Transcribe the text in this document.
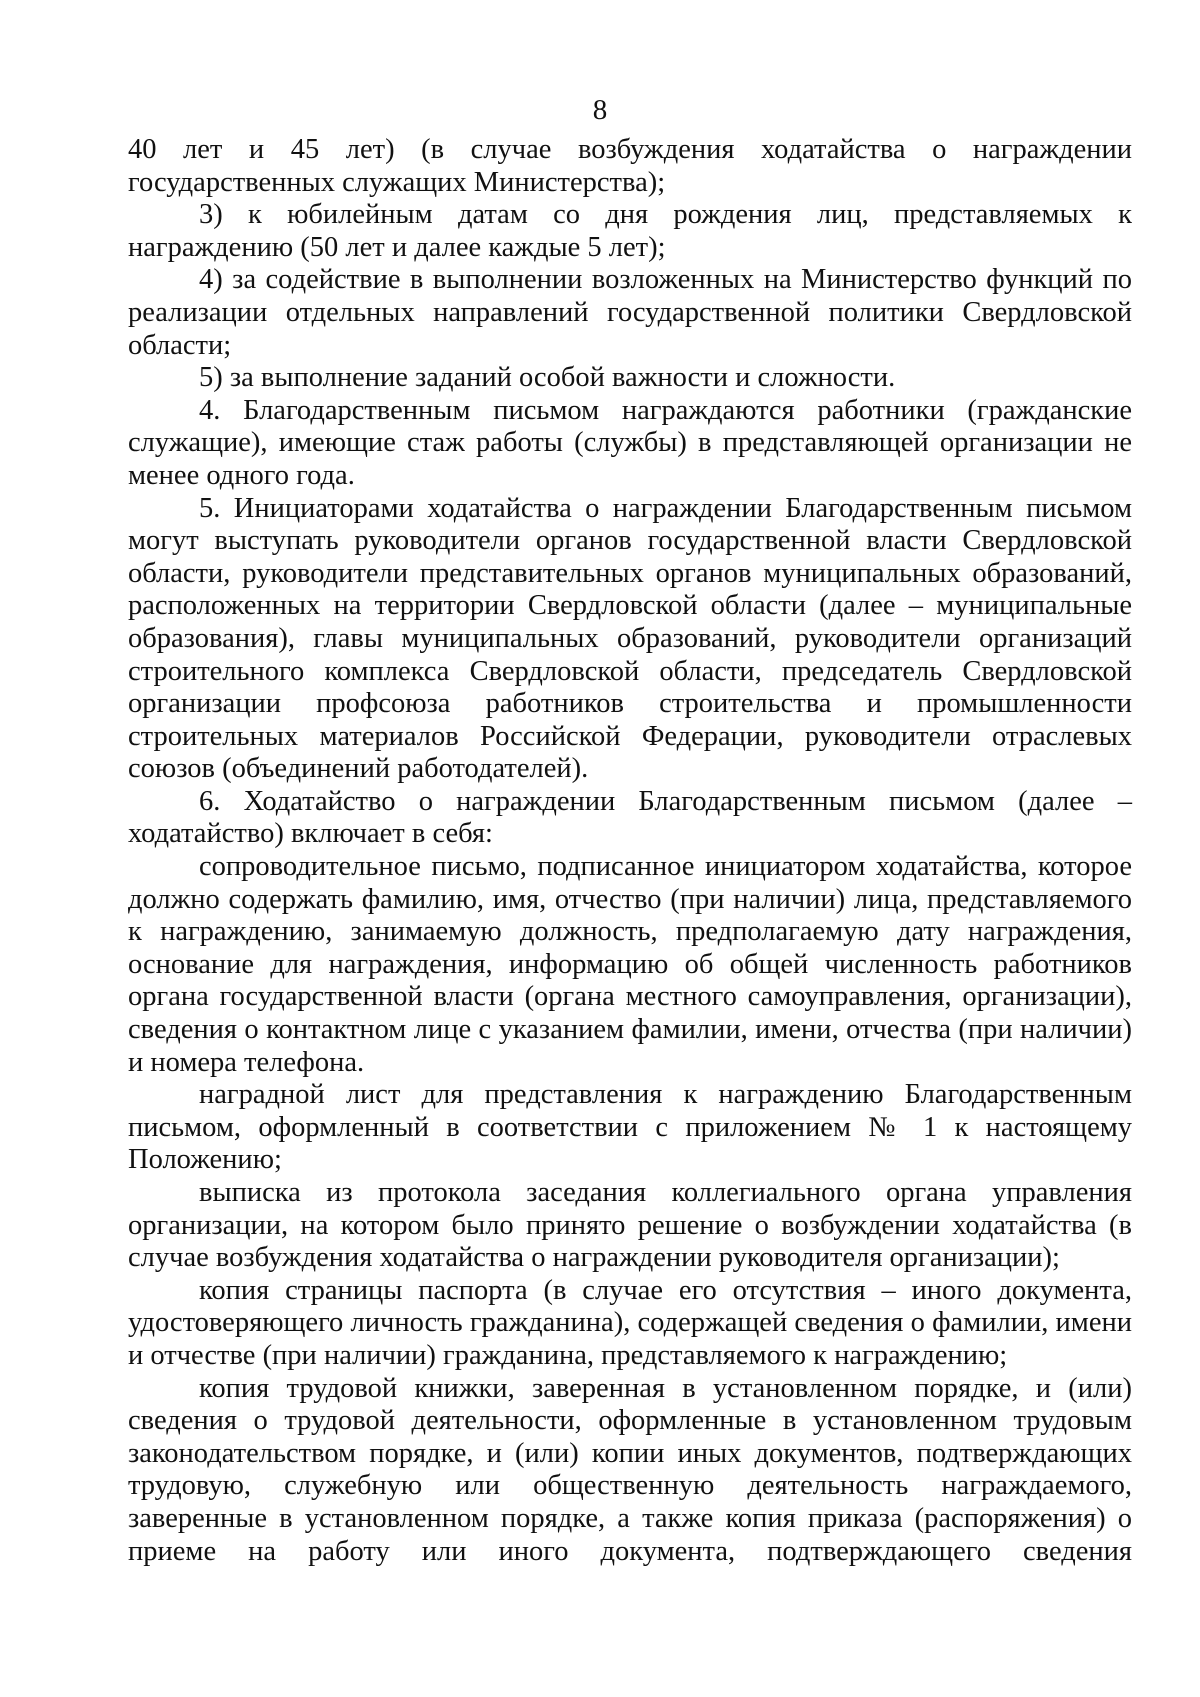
8

40 лет и 45 лет) (в случае возбуждения ходатайства о награждении государственных служащих Министерства);

3) к юбилейным датам со дня рождения лиц, представляемых к награждению (50 лет и далее каждые 5 лет);

4) за содействие в выполнении возложенных на Министерство функций по реализации отдельных направлений государственной политики Свердловской области;

5) за выполнение заданий особой важности и сложности.

4. Благодарственным письмом награждаются работники (гражданские служащие), имеющие стаж работы (службы) в представляющей организации не менее одного года.

5. Инициаторами ходатайства о награждении Благодарственным письмом могут выступать руководители органов государственной власти Свердловской области, руководители представительных органов муниципальных образований, расположенных на территории Свердловской области (далее – муниципальные образования), главы муниципальных образований, руководители организаций строительного комплекса Свердловской области, председатель Свердловской организации профсоюза работников строительства и промышленности строительных материалов Российской Федерации, руководители отраслевых союзов (объединений работодателей).

6. Ходатайство о награждении Благодарственным письмом (далее – ходатайство) включает в себя:

сопроводительное письмо, подписанное инициатором ходатайства, которое должно содержать фамилию, имя, отчество (при наличии) лица, представляемого к награждению, занимаемую должность, предполагаемую дату награждения, основание для награждения, информацию об общей численность работников органа государственной власти (органа местного самоуправления, организации), сведения о контактном лице с указанием фамилии, имени, отчества (при наличии) и номера телефона.

наградной лист для представления к награждению Благодарственным письмом, оформленный в соответствии с приложением № 1 к настоящему Положению;

выписка из протокола заседания коллегиального органа управления организации, на котором было принято решение о возбуждении ходатайства (в случае возбуждения ходатайства о награждении руководителя организации);

копия страницы паспорта (в случае его отсутствия – иного документа, удостоверяющего личность гражданина), содержащей сведения о фамилии, имени и отчестве (при наличии) гражданина, представляемого к награждению;

копия трудовой книжки, заверенная в установленном порядке, и (или) сведения о трудовой деятельности, оформленные в установленном трудовым законодательством порядке, и (или) копии иных документов, подтверждающих трудовую, служебную или общественную деятельность награждаемого, заверенные в установленном порядке, а также копия приказа (распоряжения) о приеме на работу или иного документа, подтверждающего сведения
